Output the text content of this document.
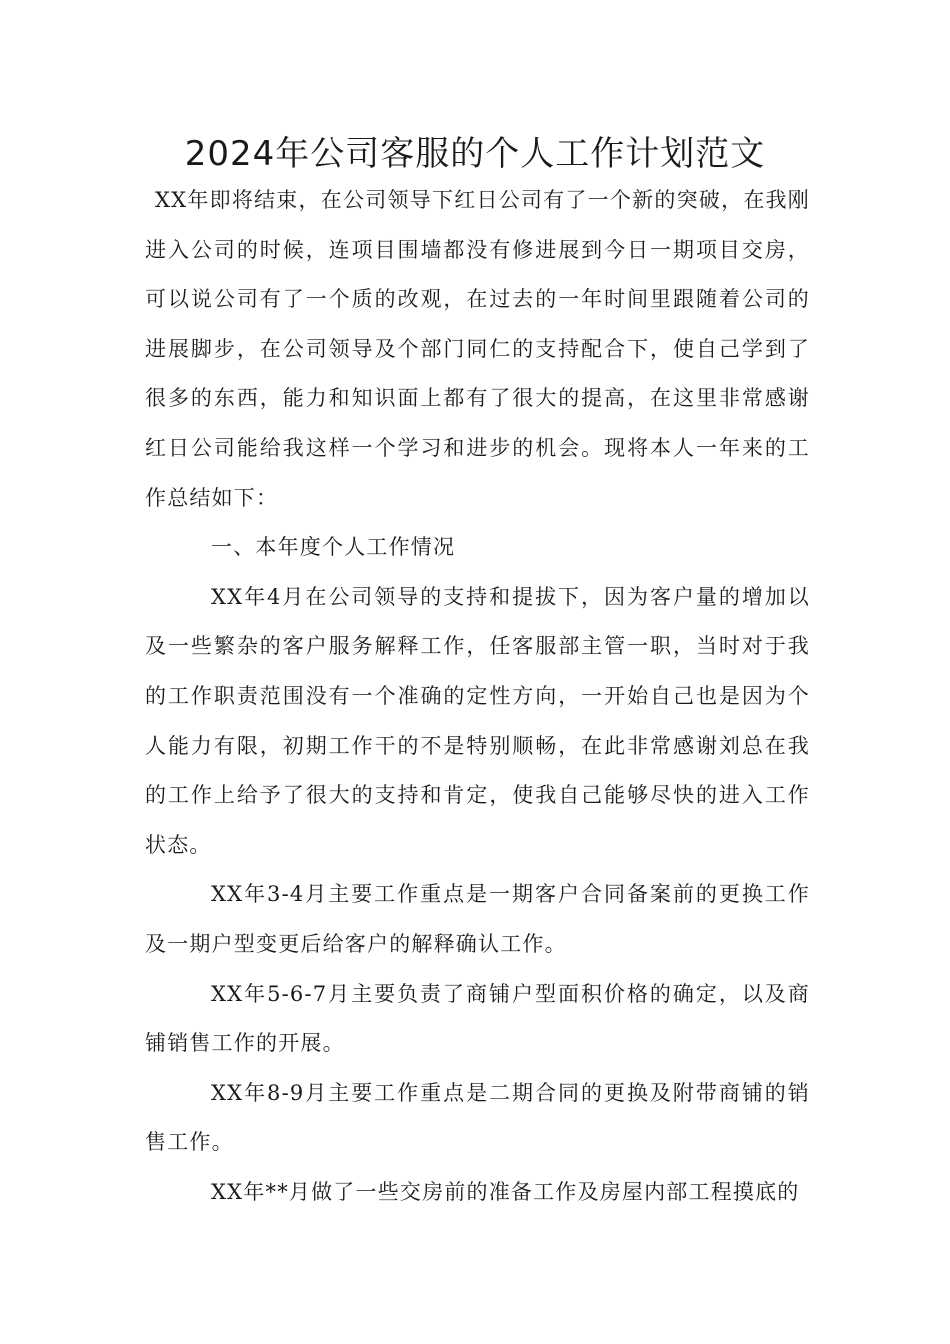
2024年公司客服的个人工作计划范文

XX年即将结束，在公司领导下红日公司有了一个新的突破，在我刚进入公司的时候，连项目围墙都没有修进展到今日一期项目交房，可以说公司有了一个质的改观，在过去的一年时间里跟随着公司的进展脚步，在公司领导及个部门同仁的支持配合下，使自己学到了很多的东西，能力和知识面上都有了很大的提高，在这里非常感谢红日公司能给我这样一个学习和进步的机会。现将本人一年来的工作总结如下：

一、本年度个人工作情况

XX年4月在公司领导的支持和提拔下，因为客户量的增加以及一些繁杂的客户服务解释工作，任客服部主管一职，当时对于我的工作职责范围没有一个准确的定性方向，一开始自己也是因为个人能力有限，初期工作干的不是特别顺畅，在此非常感谢刘总在我的工作上给予了很大的支持和肯定，使我自己能够尽快的进入工作状态。

XX年3-4月主要工作重点是一期客户合同备案前的更换工作及一期户型变更后给客户的解释确认工作。

XX年5-6-7月主要负责了商铺户型面积价格的确定，以及商铺销售工作的开展。

XX年8-9月主要工作重点是二期合同的更换及附带商铺的销售工作。

XX年**月做了一些交房前的准备工作及房屋内部工程摸底的
